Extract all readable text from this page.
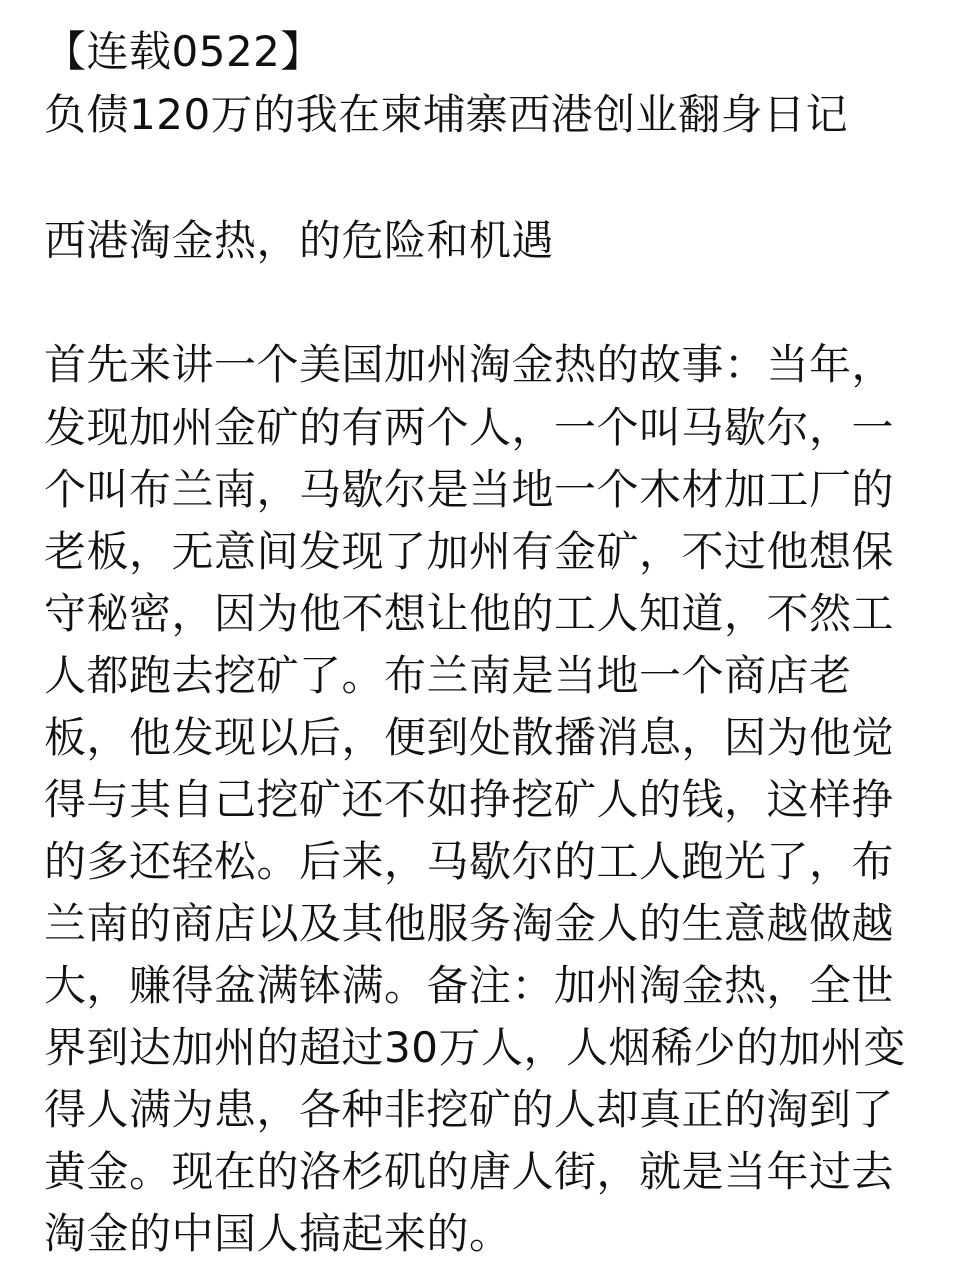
【连载0522】
负债120万的我在柬埔寨西港创业翻身日记
西港淘金热，的危险和机遇
首先来讲一个美国加州淘金热的故事：当年，
发现加州金矿的有两个人，一个叫马歇尔，一
个叫布兰南，马歇尔是当地一个木材加工厂的
老板，无意间发现了加州有金矿，不过他想保
守秘密，因为他不想让他的工人知道，不然工
人都跑去挖矿了。布兰南是当地一个商店老
板，他发现以后，便到处散播消息，因为他觉
得与其自己挖矿还不如挣挖矿人的钱，这样挣
的多还轻松。后来，马歇尔的工人跑光了，布
兰南的商店以及其他服务淘金人的生意越做越
大，赚得盆满钵满。备注：加州淘金热，全世
界到达加州的超过30万人，人烟稀少的加州变
得人满为患，各种非挖矿的人却真正的淘到了
黄金。现在的洛杉矶的唐人街，就是当年过去
淘金的中国人搞起来的。
